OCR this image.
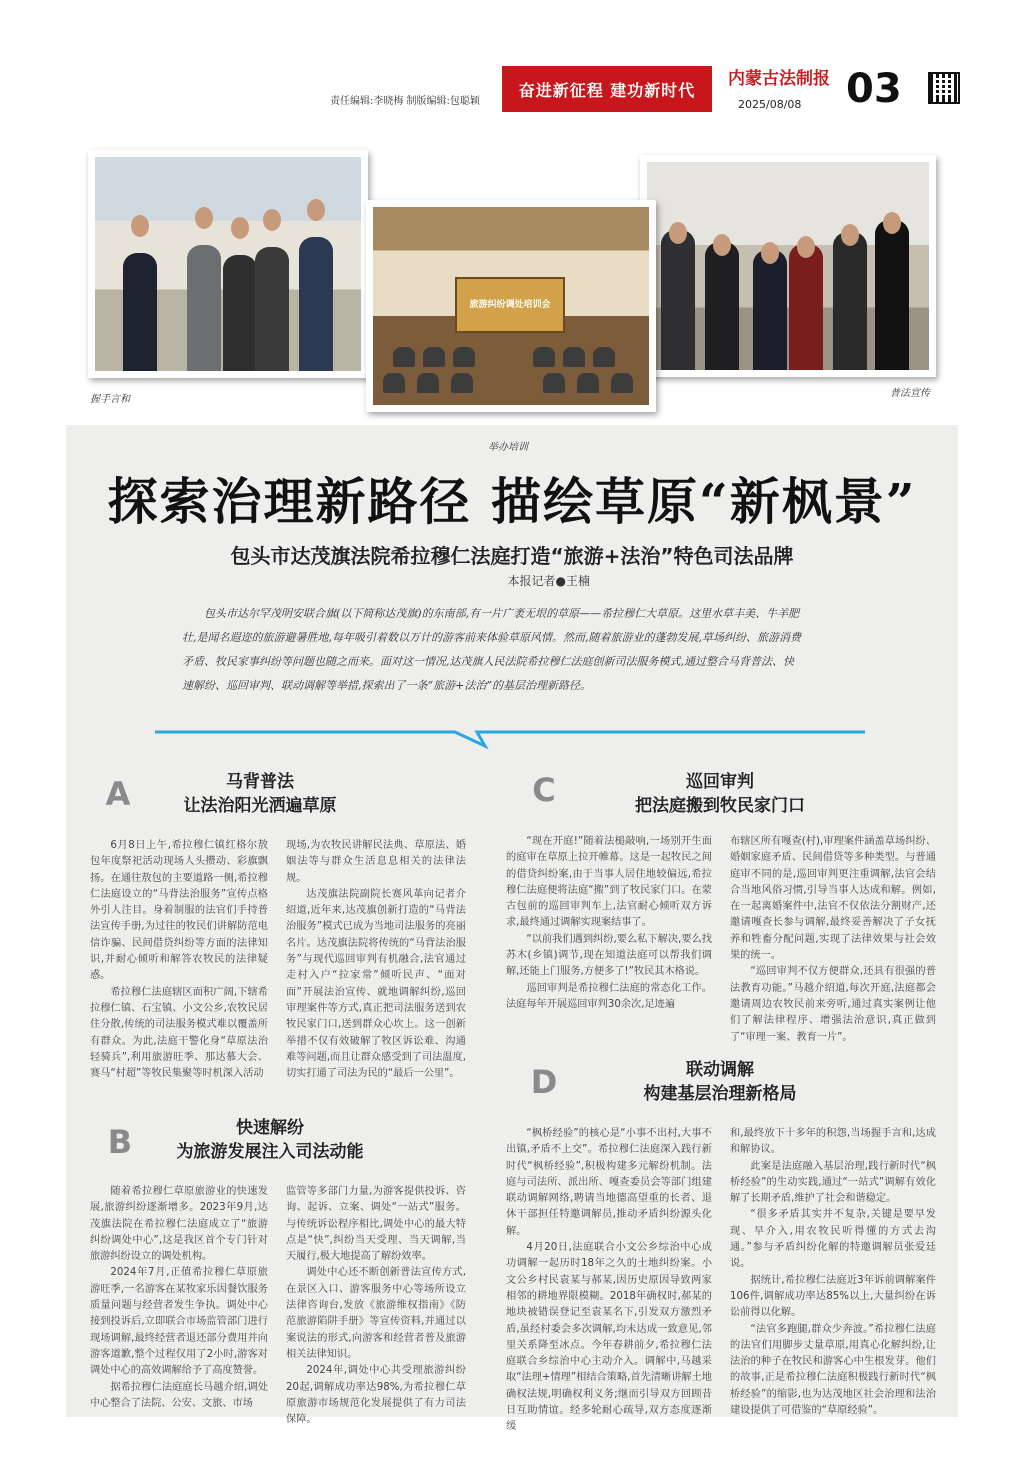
责任编辑:李晓梅 制版编辑:包聪颖
奋进新征程 建功新时代
内蒙古法制报
2025/08/08 03
握手言和
普法宣传
旅游纠纷调处培训会
举办培训
探索治理新路径 描绘草原“新枫景”
包头市达茂旗法院希拉穆仁法庭打造“旅游+法治”特色司法品牌
本报记者●王楠

包头市达尔罕茂明安联合旗(以下简称达茂旗)的东南部,有一片广袤无垠的草原——希拉穆仁大草原。这里水草丰美、牛羊肥壮,是闻名遐迩的旅游避暑胜地,每年吸引着数以万计的游客前来体验草原风情。然而,随着旅游业的蓬勃发展,草场纠纷、旅游消费矛盾、牧民家事纠纷等问题也随之而来。面对这一情况,达茂旗人民法院希拉穆仁法庭创新司法服务模式,通过整合马背普法、快速解纷、巡回审判、联动调解等举措,探索出了一条“旅游+法治”的基层治理新路径。

A	马背普法
让法治阳光洒遍草原

6月8日上午,希拉穆仁镇红格尔敖包年度祭祀活动现场人头攒动、彩旗飘扬。在通往敖包的主要道路一侧,希拉穆仁法庭设立的“马背法治服务”宣传点格外引人注目。身着制服的法官们手持普法宣传手册,为过往的牧民们讲解防范电信诈骗、民间借贷纠纷等方面的法律知识,并耐心倾听和解答农牧民的法律疑惑。

希拉穆仁法庭辖区面积广阔,下辖希拉穆仁镇、石宝镇、小文公乡,农牧民居住分散,传统的司法服务模式难以覆盖所有群众。为此,法庭干警化身“草原法治轻骑兵”,利用旅游旺季、那达慕大会、赛马“村超”等牧民集聚等时机深入活动

现场,为农牧民讲解民法典、草原法、婚姻法等与群众生活息息相关的法律法规。

达茂旗法院副院长赛风革向记者介绍道,近年来,达茂旗创新打造的“马背法治服务”模式已成为当地司法服务的亮丽名片。达茂旗法院将传统的“马背法治服务”与现代巡回审判有机融合,法官通过走村入户“拉家常”倾听民声、“面对面”开展法治宣传、就地调解纠纷,巡回审理案件等方式,真正把司法服务送到农牧民家门口,送到群众心坎上。这一创新举措不仅有效破解了牧区诉讼难、沟通难等问题,而且让群众感受到了司法温度,切实打通了司法为民的“最后一公里”。

B	快速解纷
为旅游发展注入司法动能

随着希拉穆仁草原旅游业的快速发展,旅游纠纷逐渐增多。2023年9月,达茂旗法院在希拉穆仁法庭成立了“旅游纠纷调处中心”,这是我区首个专门针对旅游纠纷设立的调处机构。

2024年7月,正值希拉穆仁草原旅游旺季,一名游客在某牧家乐因餐饮服务质量问题与经营者发生争执。调处中心接到投诉后,立即联合市场监管部门进行现场调解,最终经营者退还部分费用并向游客道歉,整个过程仅用了2小时,游客对调处中心的高效调解给予了高度赞誉。

据希拉穆仁法庭庭长马越介绍,调处中心整合了法院、公安、文旅、市场

监管等多部门力量,为游客提供投诉、咨询、起诉、立案、调处“一站式”服务。与传统诉讼程序相比,调处中心的最大特点是“快”,纠纷当天受理、当天调解,当天履行,极大地提高了解纷效率。

调处中心还不断创新普法宣传方式,在景区入口、游客服务中心等场所设立法律咨询台,发放《旅游维权指南》《防范旅游陷阱手册》等宣传资料,并通过以案说法的形式,向游客和经营者普及旅游相关法律知识。

2024年,调处中心共受理旅游纠纷20起,调解成功率达98%,为希拉穆仁草原旅游市场规范化发展提供了有力司法保障。

C	巡回审判
把法庭搬到牧民家门口

“现在开庭!”随着法槌敲响,一场别开生面的庭审在草原上拉开帷幕。这是一起牧民之间的借贷纠纷案,由于当事人居住地较偏远,希拉穆仁法庭便将法庭“搬”到了牧民家门口。在蒙古包前的巡回审判车上,法官耐心倾听双方诉求,最终通过调解实现案结事了。

“以前我们遇到纠纷,要么私下解决,要么找苏木(乡镇)调节,现在知道法庭可以帮我们调解,还能上门服务,方便多了!”牧民其木格说。

巡回审判是希拉穆仁法庭的常态化工作。法庭每年开展巡回审判30余次,足迹遍

布辖区所有嘎查(村),审理案件涵盖草场纠纷、婚姻家庭矛盾、民间借贷等多种类型。与普通庭审不同的是,巡回审判更注重调解,法官会结合当地风俗习惯,引导当事人达成和解。例如,在一起离婚案件中,法官不仅依法分割财产,还邀请嘎查长参与调解,最终妥善解决了子女抚养和牲畜分配问题,实现了法律效果与社会效果的统一。

“巡回审判不仅方便群众,还具有很强的普法教育功能。”马越介绍道,每次开庭,法庭都会邀请周边农牧民前来旁听,通过真实案例让他们了解法律程序、增强法治意识,真正做到了“审理一案、教育一片”。

D	联动调解
构建基层治理新格局

“枫桥经验”的核心是“小事不出村,大事不出镇,矛盾不上交”。希拉穆仁法庭深入践行新时代“枫桥经验”,积极构建多元解纷机制。法庭与司法所、派出所、嘎查委员会等部门组建联动调解网络,聘请当地德高望重的长者、退休干部担任特邀调解员,推动矛盾纠纷源头化解。

4月20日,法庭联合小文公乡综治中心成功调解一起历时18年之久的土地纠纷案。小文公乡村民袁某与郝某,因历史原因导致两家相邻的耕地界限模糊。2018年确权时,郝某的地块被错误登记至袁某名下,引发双方激烈矛盾,虽经村委会多次调解,均未达成一致意见,邻里关系降至冰点。今年春耕前夕,希拉穆仁法庭联合乡综治中心主动介入。调解中,马越采取“法理+情理”相结合策略,首先清晰讲解土地确权法规,明确权利义务;继而引导双方回顾昔日互助情谊。经多轮耐心疏导,双方态度逐渐缓

和,最终放下十多年的积怨,当场握手言和,达成和解协议。

此案是法庭融入基层治理,践行新时代“枫桥经验”的生动实践,通过“一站式”调解有效化解了长期矛盾,维护了社会和谐稳定。

“很多矛盾其实并不复杂,关键是要早发现、早介入,用农牧民听得懂的方式去沟通。”参与矛盾纠纷化解的特邀调解员张爱廷说。

据统计,希拉穆仁法庭近3年诉前调解案件106件,调解成功率达85%以上,大量纠纷在诉讼前得以化解。

“法官多跑腿,群众少奔波。”希拉穆仁法庭的法官们用脚步丈量草原,用真心化解纠纷,让法治的种子在牧民和游客心中生根发芽。他们的故事,正是希拉穆仁法庭积极践行新时代“枫桥经验”的缩影,也为达茂地区社会治理和法治建设提供了可借鉴的“草原经验”。
